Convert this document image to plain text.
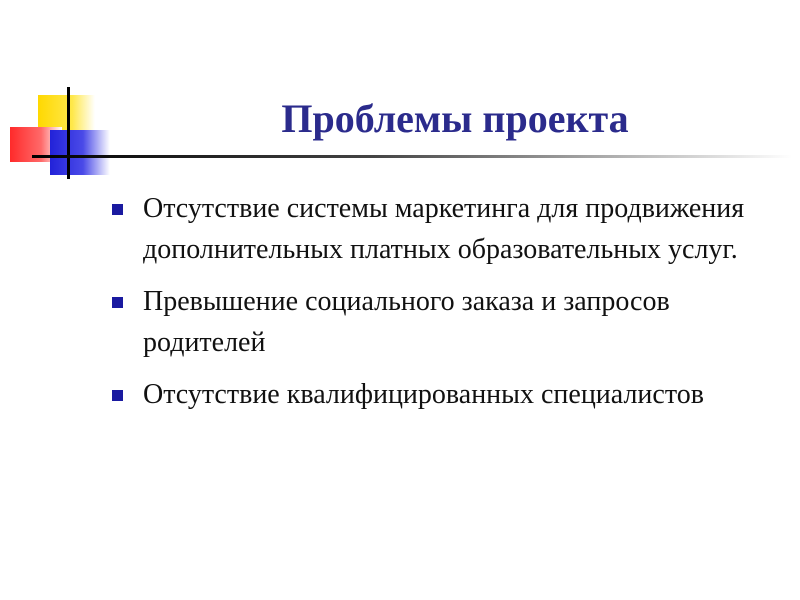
Проблемы проекта
Отсутствие системы маркетинга для продвижения дополнительных платных образовательных услуг.
Превышение социального заказа и запросов родителей
Отсутствие квалифицированных специалистов
